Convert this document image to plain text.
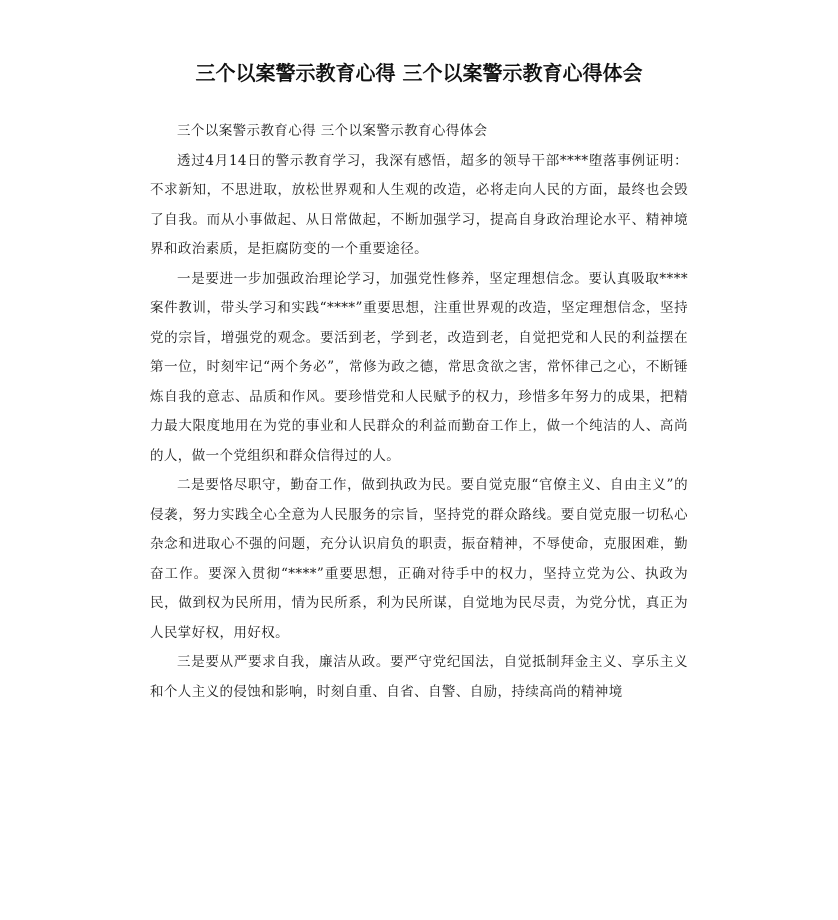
三个以案警示教育心得 三个以案警示教育心得体会

三个以案警示教育心得 三个以案警示教育心得体会

透过4月14日的警示教育学习，我深有感悟，超多的领导干部****堕落事例证明：不求新知，不思进取，放松世界观和人生观的改造，必将走向人民的方面，最终也会毁了自我。而从小事做起、从日常做起，不断加强学习，提高自身政治理论水平、精神境界和政治素质，是拒腐防变的一个重要途径。

一是要进一步加强政治理论学习，加强党性修养，坚定理想信念。要认真吸取****案件教训，带头学习和实践“****”重要思想，注重世界观的改造，坚定理想信念，坚持党的宗旨，增强党的观念。要活到老，学到老，改造到老，自觉把党和人民的利益摆在第一位，时刻牢记“两个务必”，常修为政之德，常思贪欲之害，常怀律己之心，不断锤炼自我的意志、品质和作风。要珍惜党和人民赋予的权力，珍惜多年努力的成果，把精力最大限度地用在为党的事业和人民群众的利益而勤奋工作上，做一个纯洁的人、高尚的人，做一个党组织和群众信得过的人。

二是要恪尽职守，勤奋工作，做到执政为民。要自觉克服“官僚主义、自由主义”的侵袭，努力实践全心全意为人民服务的宗旨，坚持党的群众路线。要自觉克服一切私心杂念和进取心不强的问题，充分认识肩负的职责，振奋精神，不辱使命，克服困难，勤奋工作。要深入贯彻“****”重要思想，正确对待手中的权力，坚持立党为公、执政为民，做到权为民所用，情为民所系，利为民所谋，自觉地为民尽责，为党分忧，真正为人民掌好权，用好权。

三是要从严要求自我，廉洁从政。要严守党纪国法，自觉抵制拜金主义、享乐主义和个人主义的侵蚀和影响，时刻自重、自省、自警、自励，持续高尚的精神境
